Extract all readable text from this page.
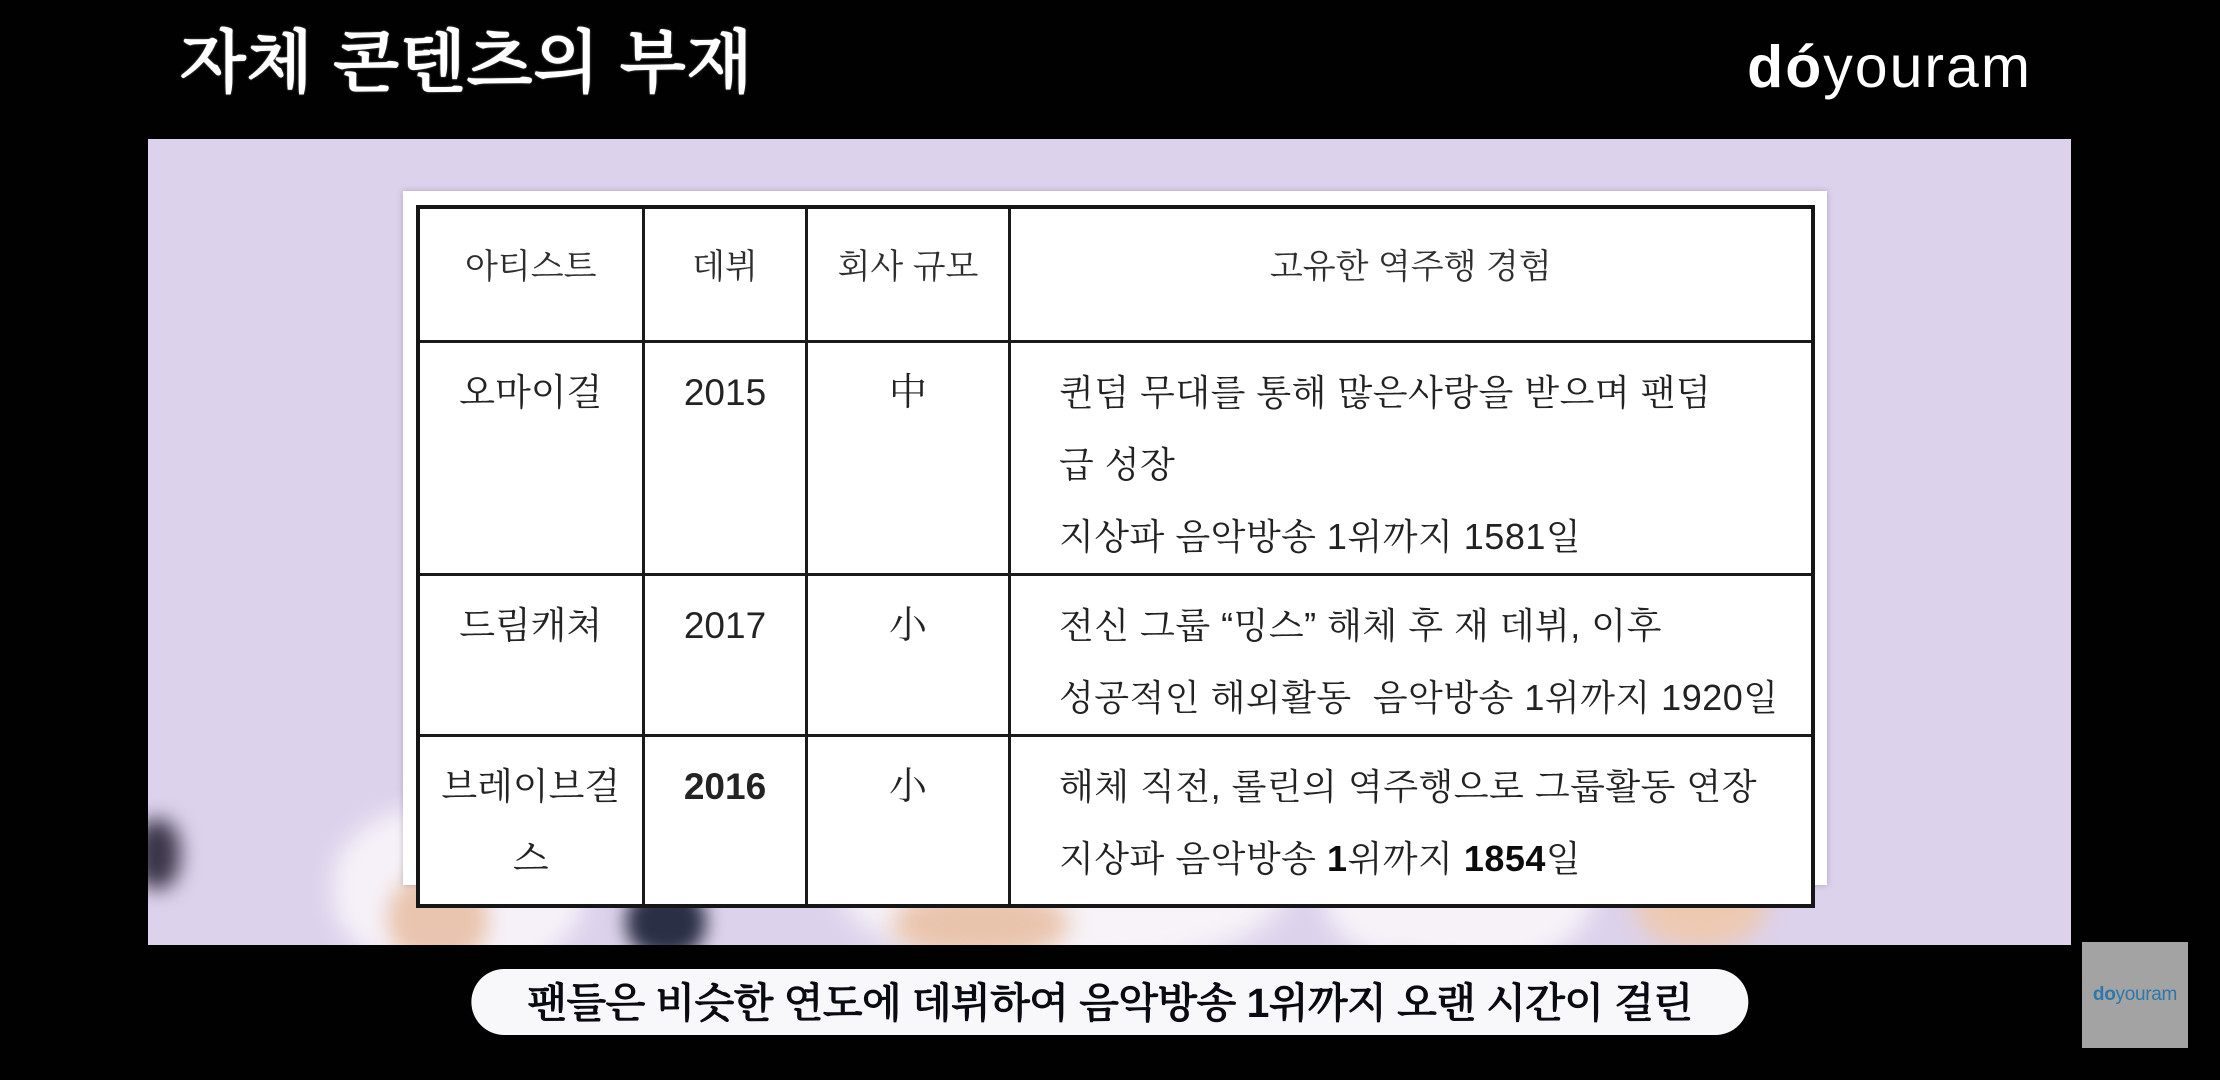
자체 콘텐츠의 부재	dóyouram
아티스트	데뷔	회사 규모	고유한 역주행 경험
오마이걸	2015	中	퀸덤 무대를 통해 많은사랑을 받으며 팬덤
급 성장
지상파 음악방송 1위까지 1581일

드림캐쳐	2017	小	전신 그룹 “밍스” 해체 후 재 데뷔, 이후
성공적인 해외활동  음악방송 1위까지 1920일

브레이브걸스	2016	小	해체 직전, 롤린의 역주행으로 그룹활동 연장
지상파 음악방송 1위까지 1854일
팬들은 비슷한 연도에 데뷔하여 음악방송 1위까지 오랜 시간이 걸린	do youram
